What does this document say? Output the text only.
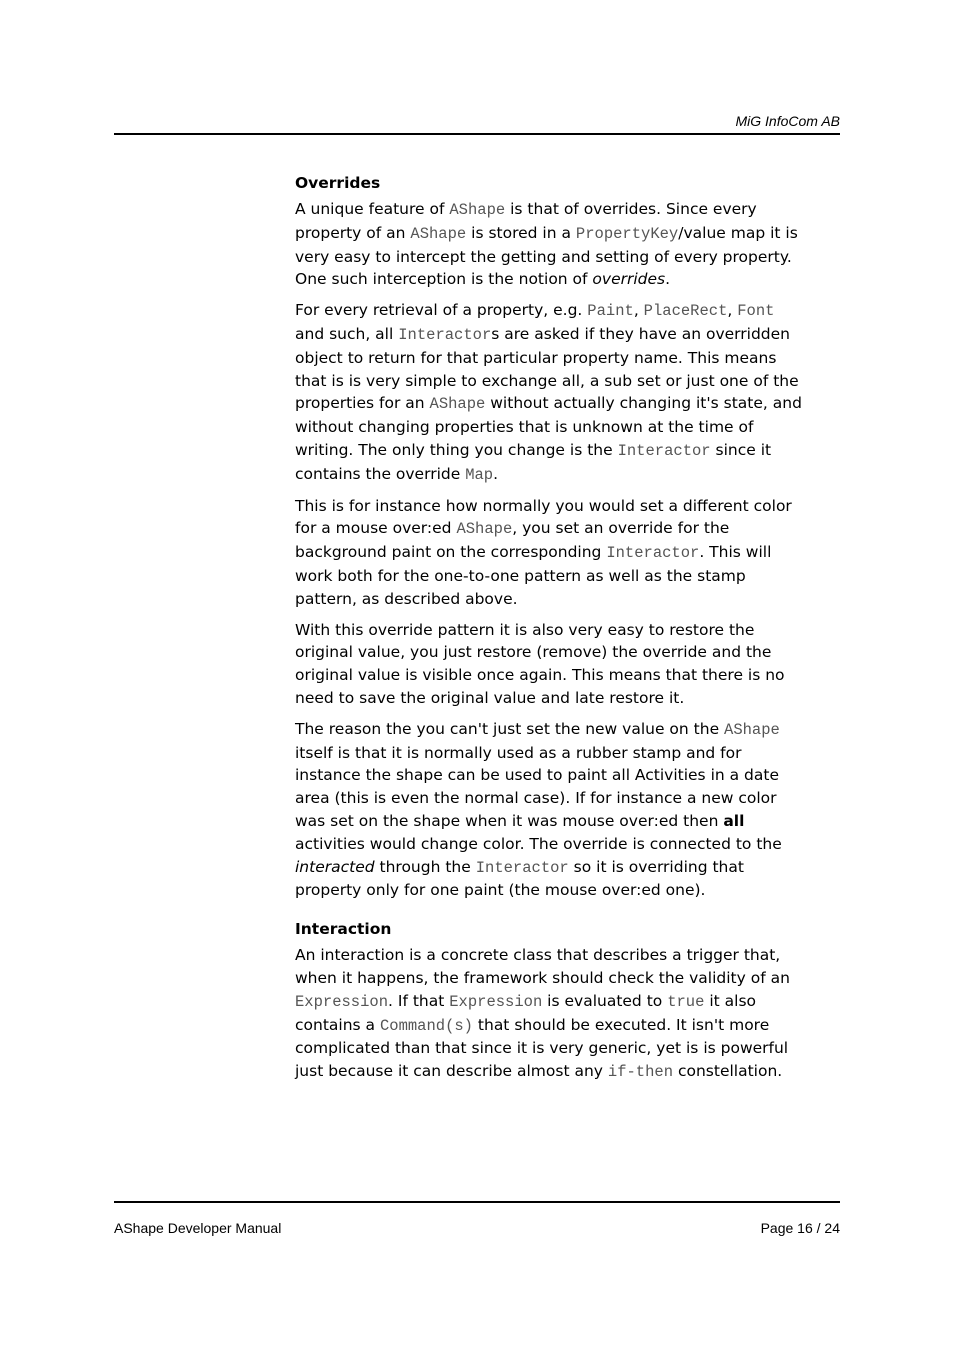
MiG InfoCom AB
Overrides

A unique feature of AShape is that of overrides. Since every property of an AShape is stored in a PropertyKey/value map it is very easy to intercept the getting and setting of every property. One such interception is the notion of overrides.

For every retrieval of a property, e.g. Paint, PlaceRect, Font and such, all Interactors are asked if they have an overridden object to return for that particular property name. This means that is is very simple to exchange all, a sub set or just one of the properties for an AShape without actually changing it's state, and without changing properties that is unknown at the time of writing. The only thing you change is the Interactor since it contains the override Map.

This is for instance how normally you would set a different color for a mouse over:ed AShape, you set an override for the background paint on the corresponding Interactor. This will work both for the one-to-one pattern as well as the stamp pattern, as described above.

With this override pattern it is also very easy to restore the original value, you just restore (remove) the override and the original value is visible once again. This means that there is no need to save the original value and late restore it.

The reason the you can't just set the new value on the AShape itself is that it is normally used as a rubber stamp and for instance the shape can be used to paint all Activities in a date area (this is even the normal case). If for instance a new color was set on the shape when it was mouse over:ed then all activities would change color. The override is connected to the interacted through the Interactor so it is overriding that property only for one paint (the mouse over:ed one).

Interaction

An interaction is a concrete class that describes a trigger that, when it happens, the framework should check the validity of an Expression. If that Expression is evaluated to true it also contains a Command(s) that should be executed. It isn't more complicated than that since it is very generic, yet is is powerful just because it can describe almost any if-then constellation.

AShape Developer Manual	Page 16 / 24
